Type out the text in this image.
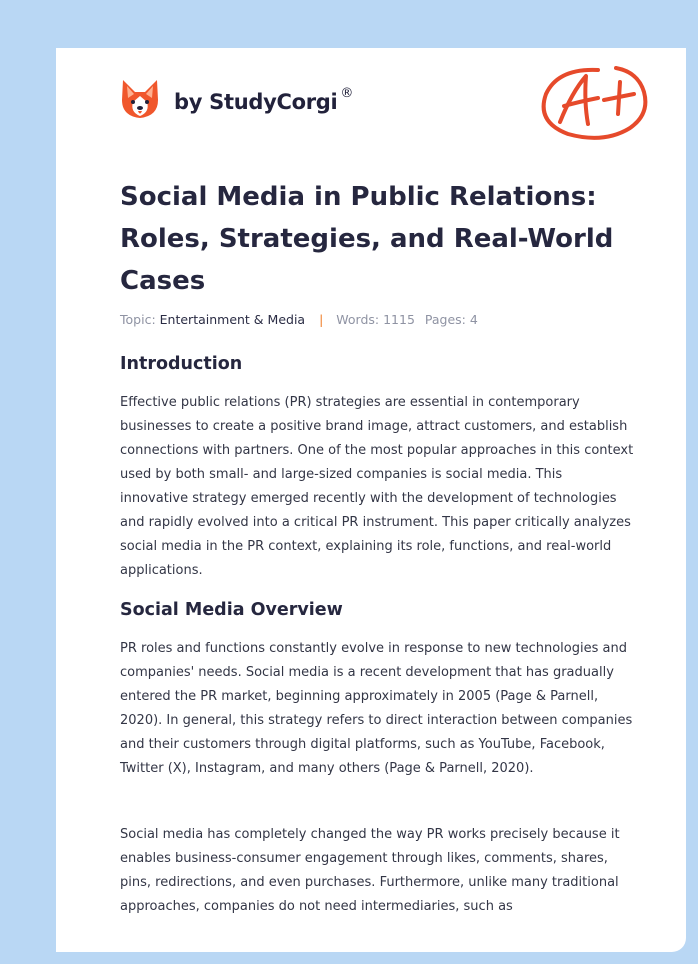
by StudyCorgi ®
Social Media in Public Relations: Roles, Strategies, and Real-World Cases
Topic: Entertainment & Media | Words: 1115 Pages: 4
Introduction

Effective public relations (PR) strategies are essential in contemporary businesses to create a positive brand image, attract customers, and establish connections with partners. One of the most popular approaches in this context used by both small- and large-sized companies is social media. This innovative strategy emerged recently with the development of technologies and rapidly evolved into a critical PR instrument. This paper critically analyzes social media in the PR context, explaining its role, functions, and real-world applications.

Social Media Overview

PR roles and functions constantly evolve in response to new technologies and companies' needs. Social media is a recent development that has gradually entered the PR market, beginning approximately in 2005 (Page & Parnell, 2020). In general, this strategy refers to direct interaction between companies and their customers through digital platforms, such as YouTube, Facebook, Twitter (X), Instagram, and many others (Page & Parnell, 2020).

Social media has completely changed the way PR works precisely because it enables business-consumer engagement through likes, comments, shares, pins, redirections, and even purchases. Furthermore, unlike many traditional approaches, companies do not need intermediaries, such as
